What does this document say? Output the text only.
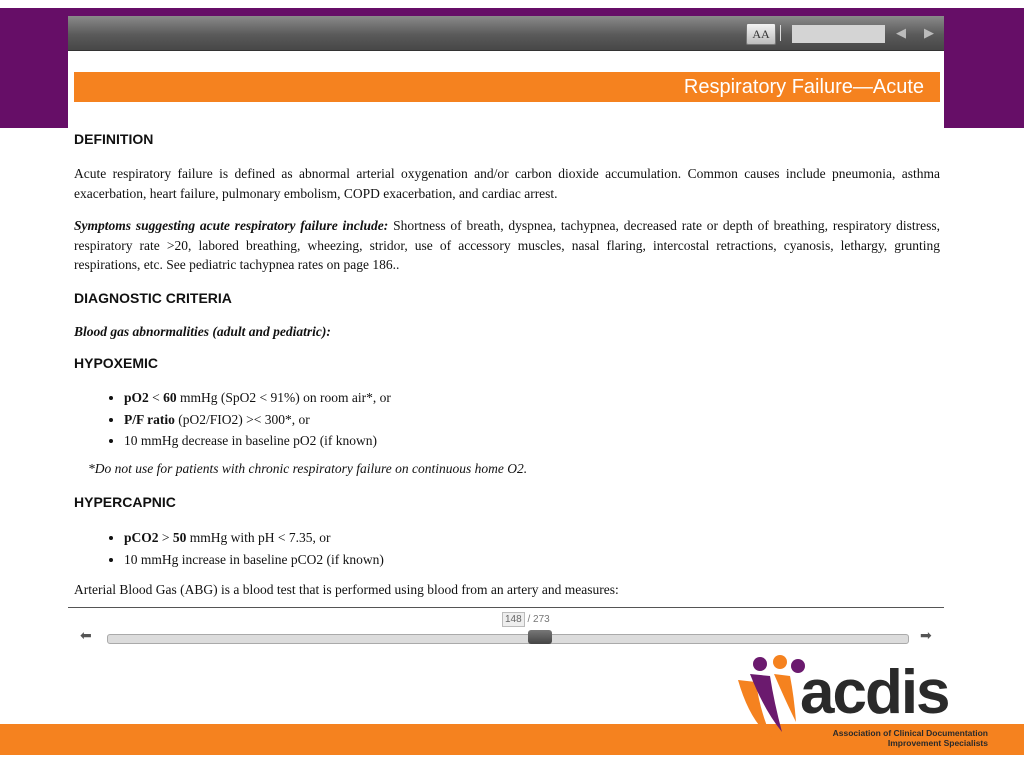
AA	◀ ▶
Respiratory Failure—Acute
DEFINITION

Acute respiratory failure is defined as abnormal arterial oxygenation and/or carbon dioxide accumulation. Common causes include pneumonia, asthma exacerbation, heart failure, pulmonary embolism, COPD exacerbation, and cardiac arrest.

Symptoms suggesting acute respiratory failure include: Shortness of breath, dyspnea, tachypnea, decreased rate or depth of breathing, respiratory distress, respiratory rate >20, labored breathing, wheezing, stridor, use of accessory muscles, nasal flaring, intercostal retractions, cyanosis, lethargy, grunting respirations, etc. See pediatric tachypnea rates on page 186..

DIAGNOSTIC CRITERIA

Blood gas abnormalities (adult and pediatric):

HYPOXEMIC
• pO2 < 60 mmHg (SpO2 < 91%) on room air*, or
• P/F ratio (pO2/FIO2) >< 300*, or
• 10 mmHg decrease in baseline pO2 (if known)
*Do not use for patients with chronic respiratory failure on continuous home O2.
HYPERCAPNIC
• pCO2 > 50 mmHg with pH < 7.35, or
• 10 mmHg increase in baseline pCO2 (if known)

Arterial Blood Gas (ABG) is a blood test that is performed using blood from an artery and measures:

148 / 273
⬅	➡
acdis
Association of Clinical Documentation
Improvement Specialists
